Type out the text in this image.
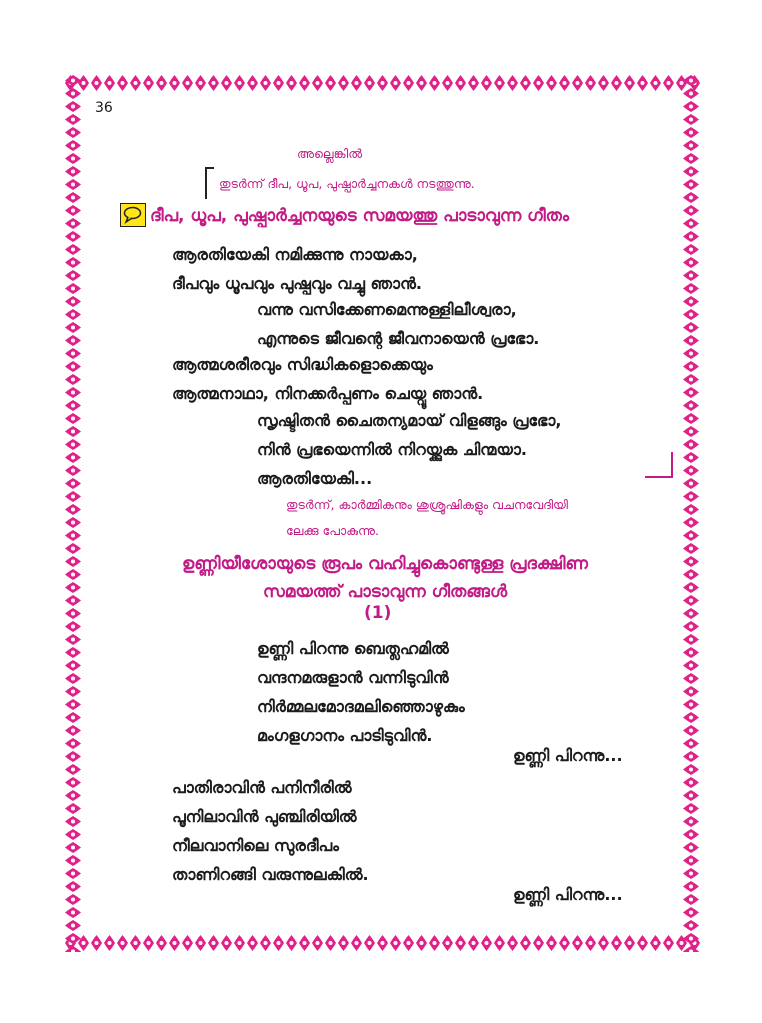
36
അല്ലെങ്കിൽ
തുടർന്ന് ദീപ, ധൂപ, പുഷ്പാർച്ചനകൾ നടത്തുന്നു.
ദീപ, ധൂപ, പുഷ്പാർച്ചനയുടെ സമയത്തു പാടാവുന്ന ഗീതം
ആരതിയേകി നമിക്കുന്നു നായകാ,
ദീപവും ധൂപവും പുഷ്പവും വച്ചു ഞാൻ.
വന്നു വസിക്കേണമെന്നുള്ളിലീശ്വരാ,
എന്നുടെ ജീവന്റെ ജീവനായെൻ പ്രഭോ.
ആത്മശരീരവും സിദ്ധികളൊക്കെയും
ആത്മനാഥാ, നിനക്കർപ്പണം ചെയ്വൂ ഞാൻ.
സൃഷ്ടിതൻ ചൈതന്യമായ് വിളങ്ങും പ്രഭോ,
നിൻ പ്രഭയെന്നിൽ നിറയ്ക്കുക ചിന്മയാ.
ആരതിയേകി...
തുടർന്ന്, കാർമ്മികനും ശുശ്രൂഷികളും വചനവേദിയി
ലേക്കു പോകുന്നു.
ഉണ്ണിയീശോയുടെ രൂപം വഹിച്ചുകൊണ്ടുള്ള പ്രദക്ഷിണ
സമയത്ത് പാടാവുന്ന ഗീതങ്ങൾ
(1)
ഉണ്ണി പിറന്നു ബെത്ലഹമിൽ
വന്ദനമരുളാൻ വന്നിടുവിൻ
നിർമ്മലമോദമലിഞ്ഞൊഴുകും
മംഗളഗാനം പാടിടുവിൻ.
ഉണ്ണി പിറന്നു...
പാതിരാവിൻ പനിനീരിൽ
പൂനിലാവിൻ പുഞ്ചിരിയിൽ
നീലവാനിലെ സുരദീപം
താണിറങ്ങി വരുന്നുലകിൽ.
ഉണ്ണി പിറന്നു...
